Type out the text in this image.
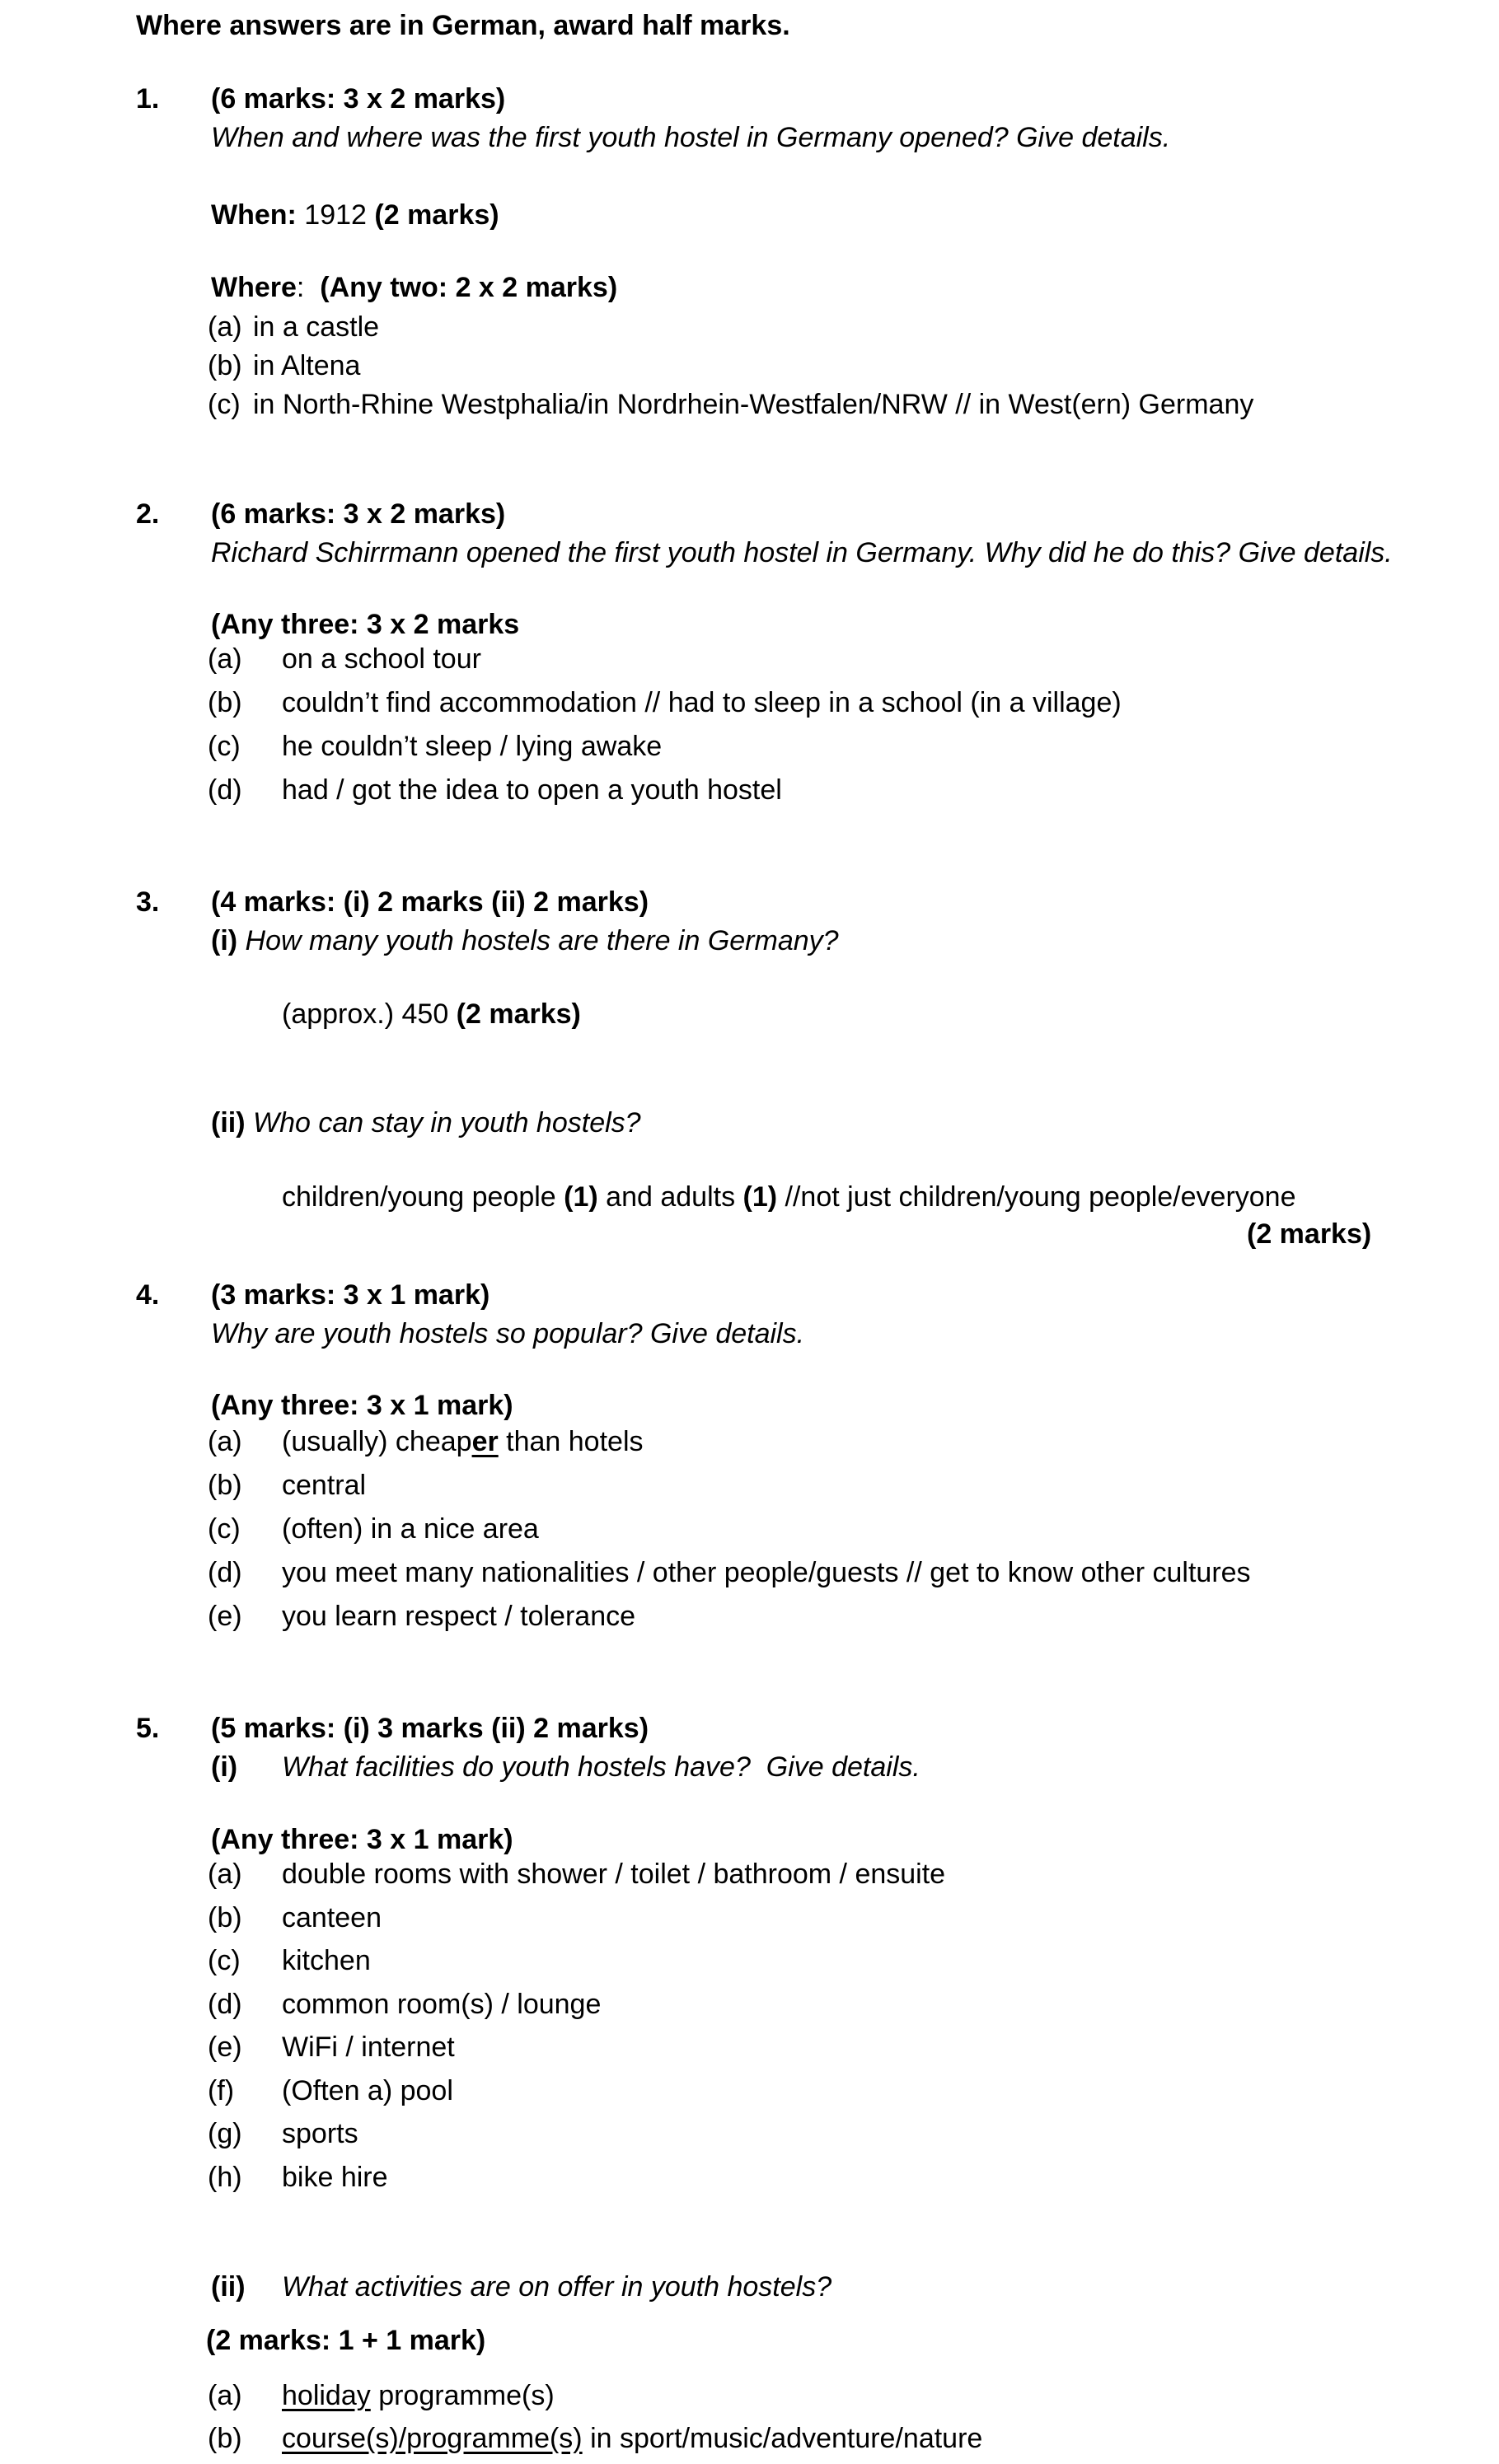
Where answers are in German, award half marks.
1. (6 marks: 3 x 2 marks)
When and where was the first youth hostel in Germany opened? Give details.
When: 1912 (2 marks)
Where:  (Any two: 2 x 2 marks)
(a) in a castle
(b) in Altena
(c) in North-Rhine Westphalia/in Nordrhein-Westfalen/NRW // in West(ern) Germany
2. (6 marks: 3 x 2 marks)
Richard Schirrmann opened the first youth hostel in Germany. Why did he do this? Give details.
(Any three: 3 x 2 marks
(a) on a school tour
(b) couldn’t find accommodation // had to sleep in a school (in a village)
(c) he couldn’t sleep / lying awake
(d) had / got the idea to open a youth hostel
3. (4 marks: (i) 2 marks (ii) 2 marks)
(i) How many youth hostels are there in Germany?
(approx.) 450 (2 marks)
(ii) Who can stay in youth hostels?
children/young people (1) and adults (1) //not just children/young people/everyone
(2 marks)
4. (3 marks: 3 x 1 mark)
Why are youth hostels so popular? Give details.
(Any three: 3 x 1 mark)
(a) (usually) cheaper than hotels
(b) central
(c) (often) in a nice area
(d) you meet many nationalities / other people/guests // get to know other cultures
(e) you learn respect / tolerance
5. (5 marks: (i) 3 marks (ii) 2 marks)
(i) What facilities do youth hostels have?  Give details.
(Any three: 3 x 1 mark)
(a) double rooms with shower / toilet / bathroom / ensuite
(b) canteen
(c) kitchen
(d) common room(s) / lounge
(e) WiFi / internet
(f) (Often a) pool
(g) sports
(h) bike hire
(ii) What activities are on offer in youth hostels?
(2 marks: 1 + 1 mark)
(a) holiday programme(s)
(b) course(s)/programme(s) in sport/music/adventure/nature
